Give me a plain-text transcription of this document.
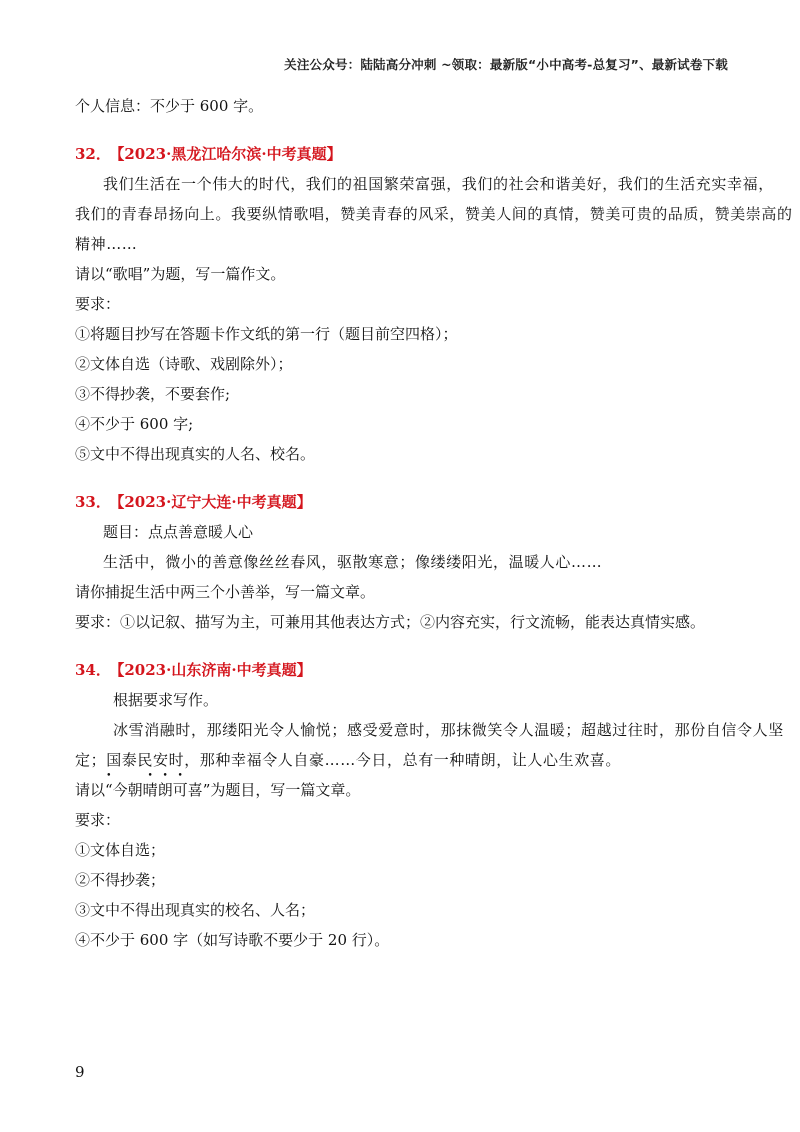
关注公众号：陆陆高分冲刺 ~领取：最新版“小中高考-总复习”、最新试卷下载

个人信息：不少于 600 字。

32． 【2023·黑龙江哈尔滨·中考真题】

我们生活在一个伟大的时代，我们的祖国繁荣富强，我们的社会和谐美好，我们的生活充实幸福，

我们的青春昂扬向上。我要纵情歌唱，赞美青春的风采，赞美人间的真情，赞美可贵的品质，赞美崇高的

精神……

请以“歌唱”为题，写一篇作文。

要求：

①将题目抄写在答题卡作文纸的第一行（题目前空四格）；

②文体自选（诗歌、戏剧除外）；

③不得抄袭，不要套作;

④不少于 600 字;

⑤文中不得出现真实的人名、校名。

33． 【2023·辽宁大连·中考真题】

题目：点点善意暖人心

生活中，微小的善意像丝丝春风，驱散寒意；像缕缕阳光，温暖人心……

请你捕捉生活中两三个小善举，写一篇文章。

要求：①以记叙、描写为主，可兼用其他表达方式；②内容充实，行文流畅，能表达真情实感。

34． 【2023·山东济南·中考真题】

根据要求写作。

冰雪消融时，那缕阳光令人愉悦；感受爱意时，那抹微笑令人温暖；超越过往时，那份自信令人坚

定；国泰民安时，那种幸福令人自豪……今日，总有一种晴朗，让人心生欢喜。

请以“今朝 •晴朗可喜”为题目，写一篇文章。

要求：

①文体自选；

②不得抄袭；

③文中不得出现真实的校名、人名；

④不少于 600 字（如写诗歌不要少于 20 行）。

9
